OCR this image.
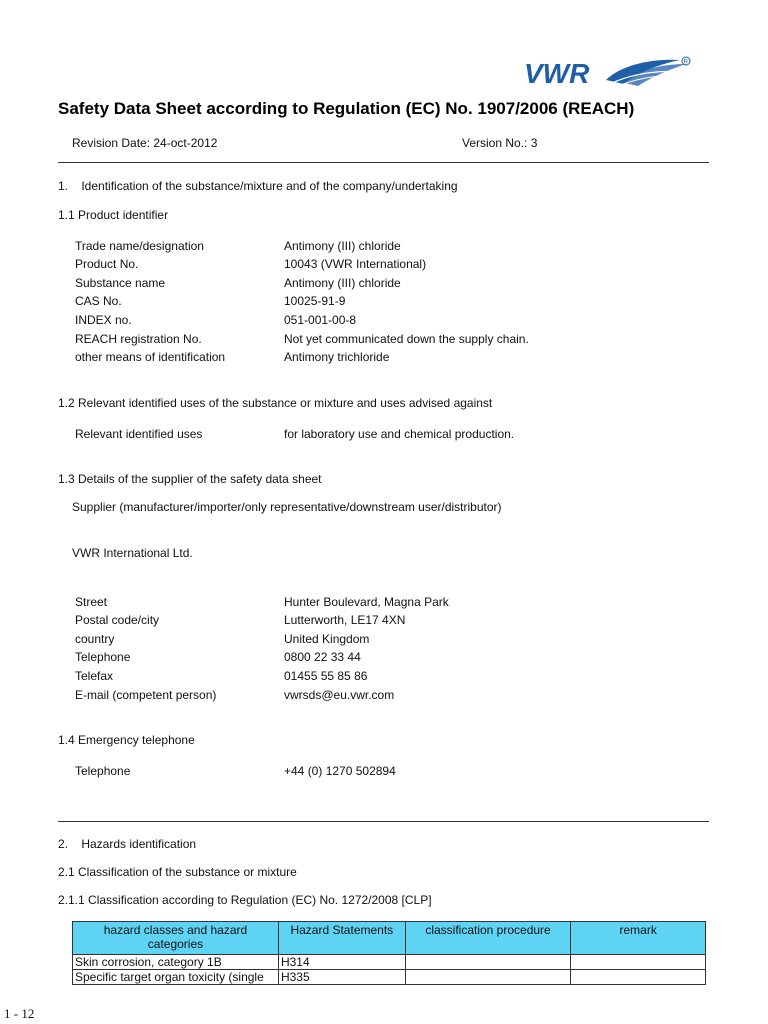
VWR	R
Safety Data Sheet according to Regulation (EC) No. 1907/2006 (REACH)
Revision Date: 24-oct-2012	Version No.: 3
1.    Identification of the substance/mixture and of the company/undertaking
1.1 Product identifier
Trade name/designation	Antimony (III) chloride
Product No.	10043 (VWR International)
Substance name	Antimony (III) chloride
CAS No.	10025-91-9
INDEX no.	051-001-00-8
REACH registration No.	Not yet communicated down the supply chain.
other means of identification	Antimony trichloride
1.2 Relevant identified uses of the substance or mixture and uses advised against
Relevant identified uses	for laboratory use and chemical production.
1.3 Details of the supplier of the safety data sheet
Supplier (manufacturer/importer/only representative/downstream user/distributor)
VWR International Ltd.
Street	Hunter Boulevard, Magna Park
Postal code/city	Lutterworth, LE17 4XN
country	United Kingdom
Telephone	0800 22 33 44
Telefax	01455 55 85 86
E-mail (competent person)	vwrsds@eu.vwr.com
1.4 Emergency telephone
Telephone	+44 (0) 1270 502894
2.    Hazards identification
2.1 Classification of the substance or mixture
2.1.1 Classification according to Regulation (EC) No. 1272/2008 [CLP]
hazard classes and hazard categories	Hazard Statements	classification procedure	remark
Skin corrosion, category 1B	H314		
Specific target organ toxicity (single	H335		
1 - 12
